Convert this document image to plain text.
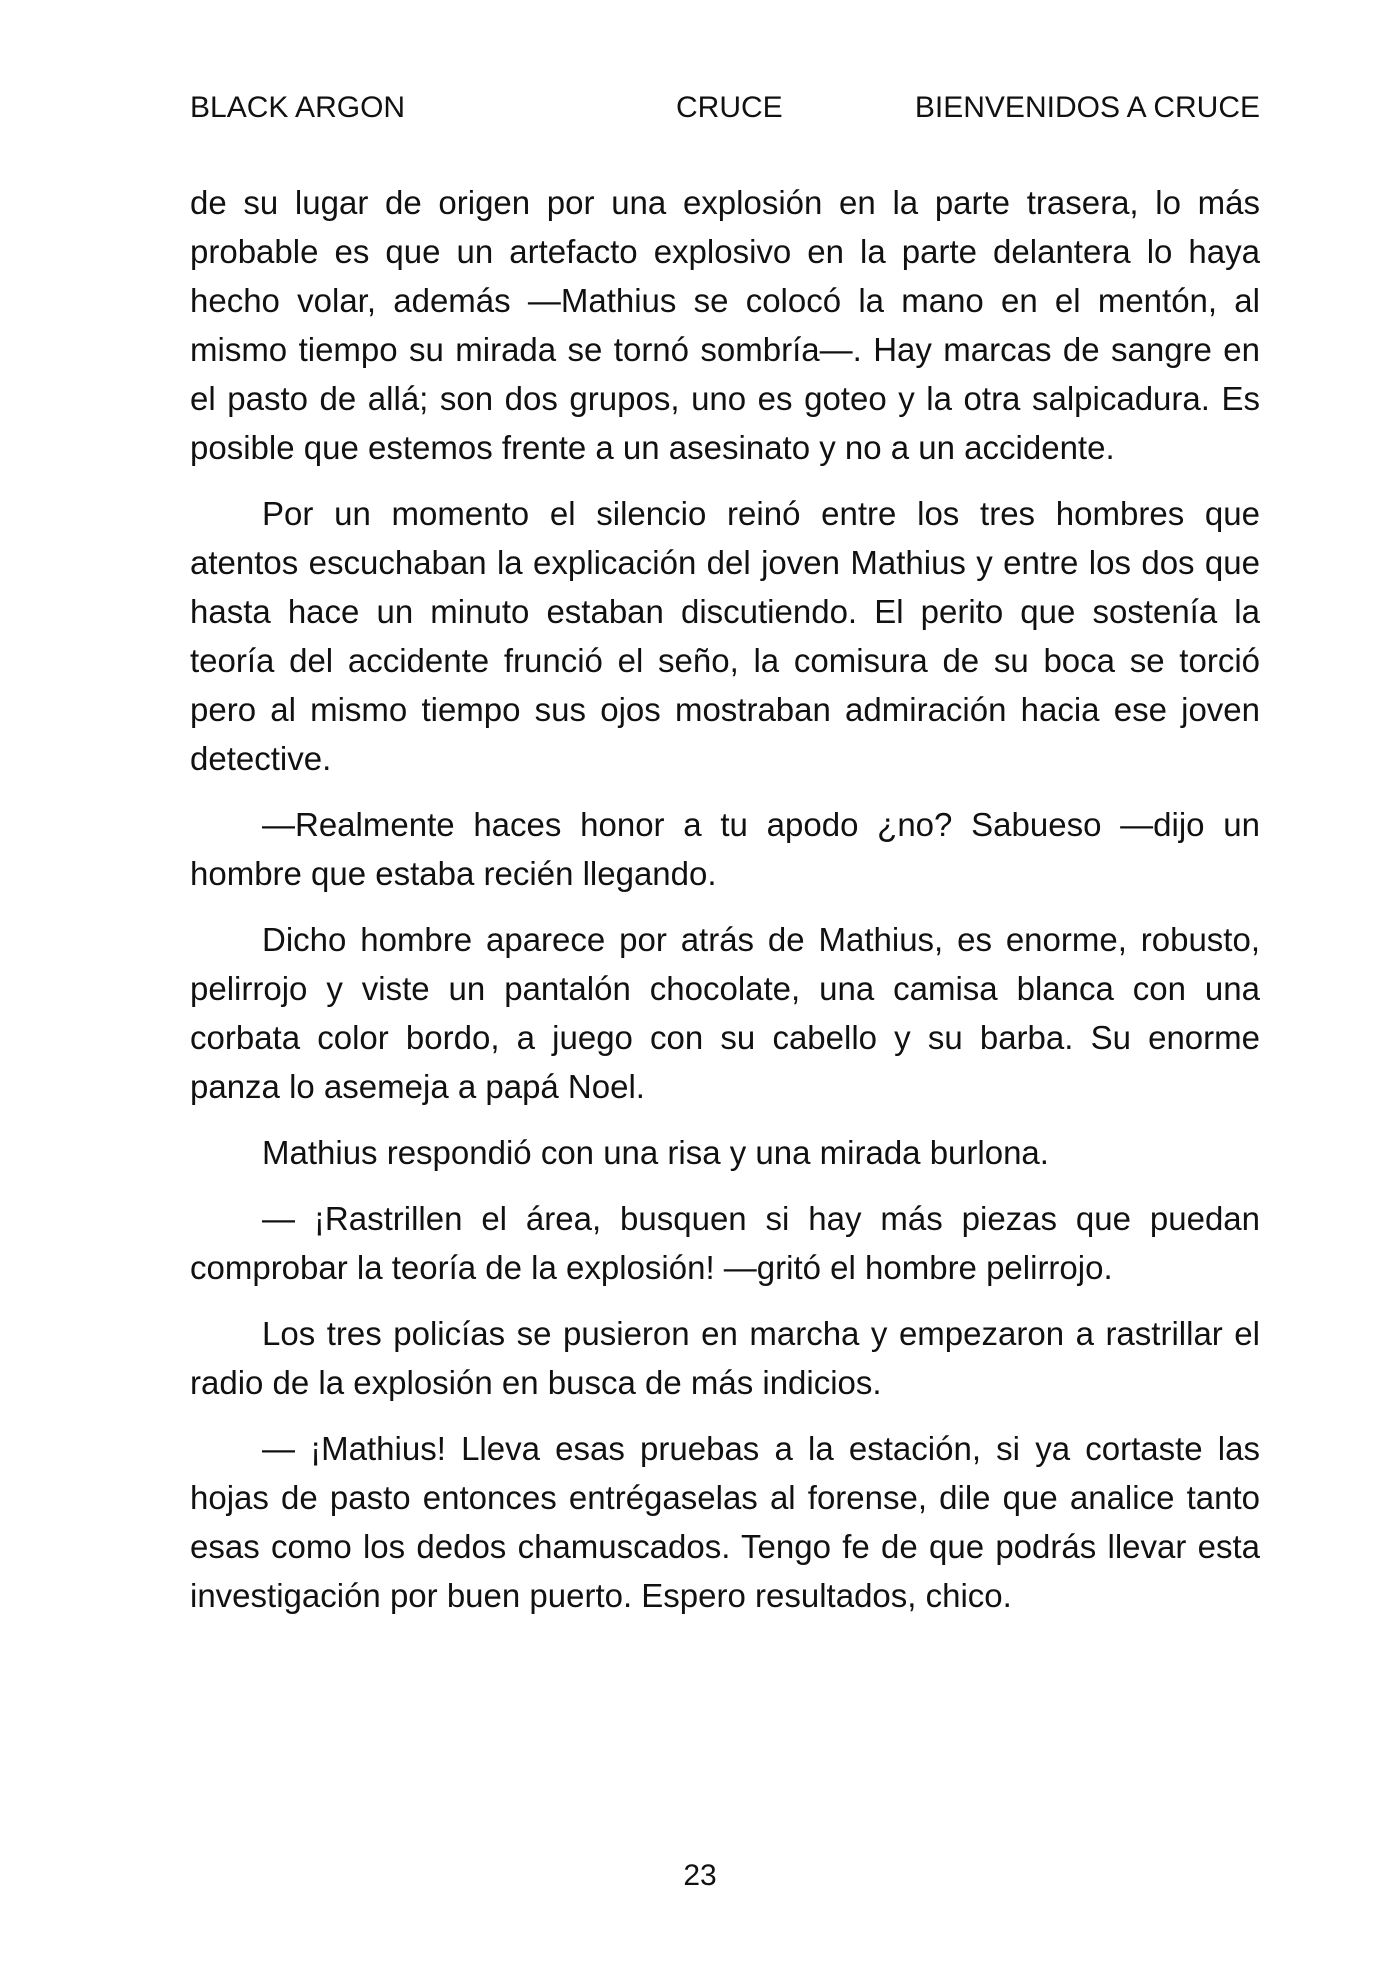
BLACK ARGON	CRUCE	BIENVENIDOS A CRUCE

de su lugar de origen por una explosión en la parte trasera, lo más probable es que un artefacto explosivo en la parte delantera lo haya hecho volar, además —Mathius se colocó la mano en el mentón, al mismo tiempo su mirada se tornó sombría—. Hay marcas de sangre en el pasto de allá; son dos grupos, uno es goteo y la otra salpicadura. Es posible que estemos frente a un asesinato y no a un accidente.

Por un momento el silencio reinó entre los tres hombres que atentos escuchaban la explicación del joven Mathius y entre los dos que hasta hace un minuto estaban discutiendo. El perito que sostenía la teoría del accidente frunció el seño, la comisura de su boca se torció pero al mismo tiempo sus ojos mostraban admiración hacia ese joven detective.

—Realmente haces honor a tu apodo ¿no? Sabueso —dijo un hombre que estaba recién llegando.

Dicho hombre aparece por atrás de Mathius, es enorme, robusto, pelirrojo y viste un pantalón chocolate, una camisa blanca con una corbata color bordo, a juego con su cabello y su barba. Su enorme panza lo asemeja a papá Noel.

Mathius respondió con una risa y una mirada burlona.

— ¡Rastrillen el área, busquen si hay más piezas que puedan comprobar la teoría de la explosión! —gritó el hombre pelirrojo.

Los tres policías se pusieron en marcha y empezaron a rastrillar el radio de la explosión en busca de más indicios.

— ¡Mathius! Lleva esas pruebas a la estación, si ya cortaste las hojas de pasto entonces entrégaselas al forense, dile que analice tanto esas como los dedos chamuscados. Tengo fe de que podrás llevar esta investigación por buen puerto. Espero resultados, chico.

23
